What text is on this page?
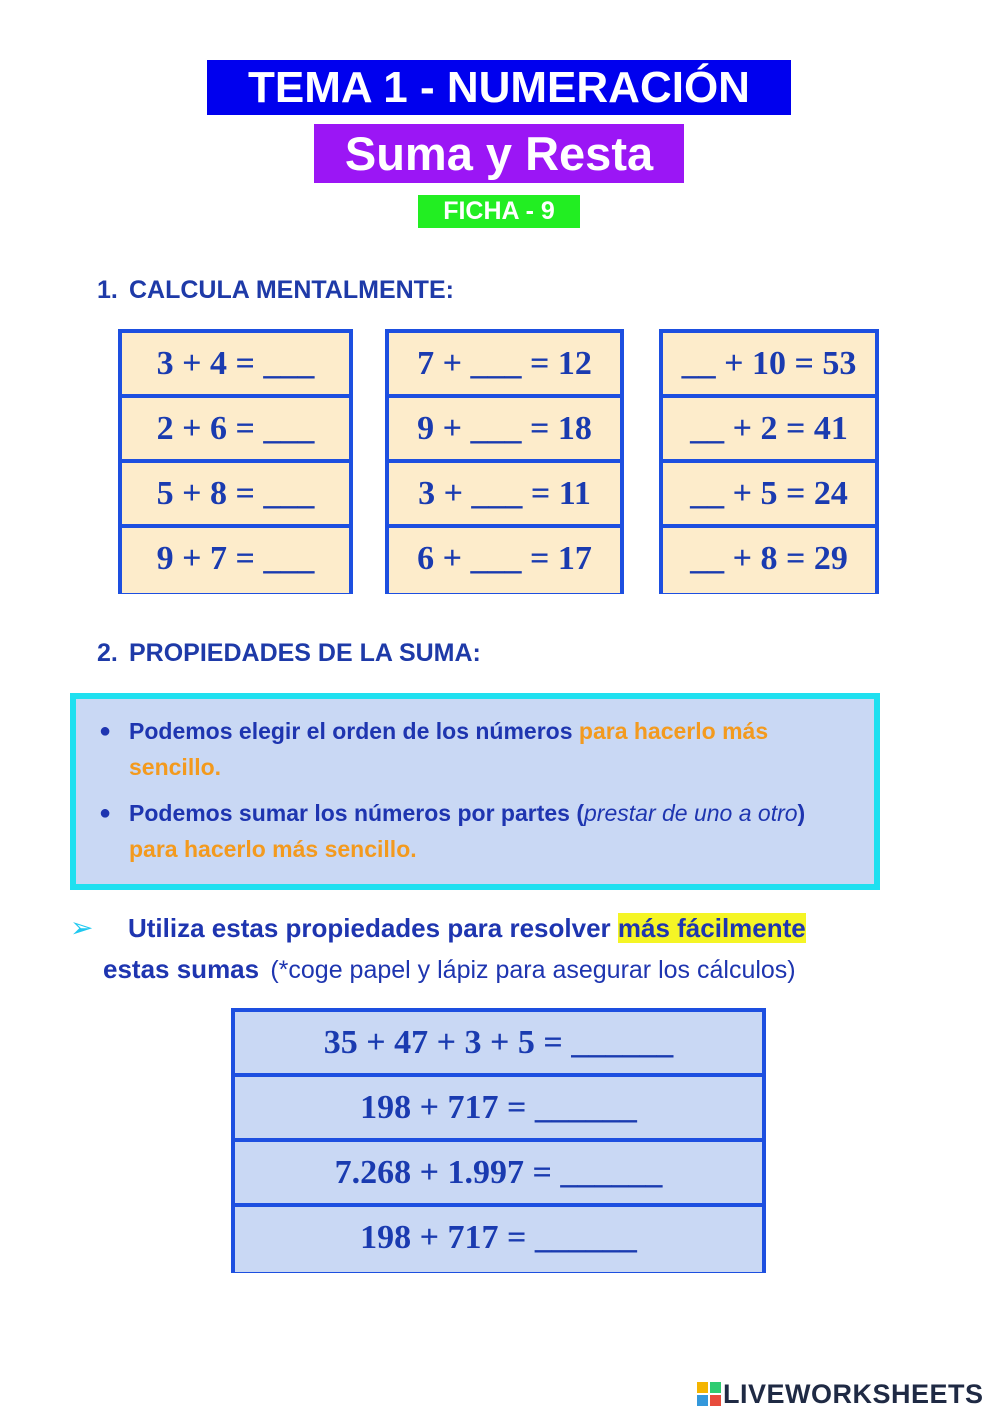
TEMA 1 - NUMERACIÓN
Suma y Resta
FICHA - 9
1. CALCULA MENTALMENTE:
3 + 4 = ___
2 + 6 = ___
5 + 8 = ___
9 + 7 = ___
7 + ___ = 12
9 + ___ = 18
3 + ___ = 11
6 + ___ = 17
__ + 10 = 53
__ + 2 = 41
__ + 5 = 24
__ + 8 = 29
2. PROPIEDADES DE LA SUMA:
● Podemos elegir el orden de los números para hacerlo más sencillo.
● Podemos sumar los números por partes (prestar de uno a otro) para hacerlo más sencillo.
➢ Utiliza estas propiedades para resolver más fácilmente
estas sumas (*coge papel y lápiz para asegurar los cálculos)
35 + 47 + 3 + 5 = ______
198 + 717 = ______
7.268 + 1.997 = ______
198 + 717 = ______
LIVEWORKSHEETS
